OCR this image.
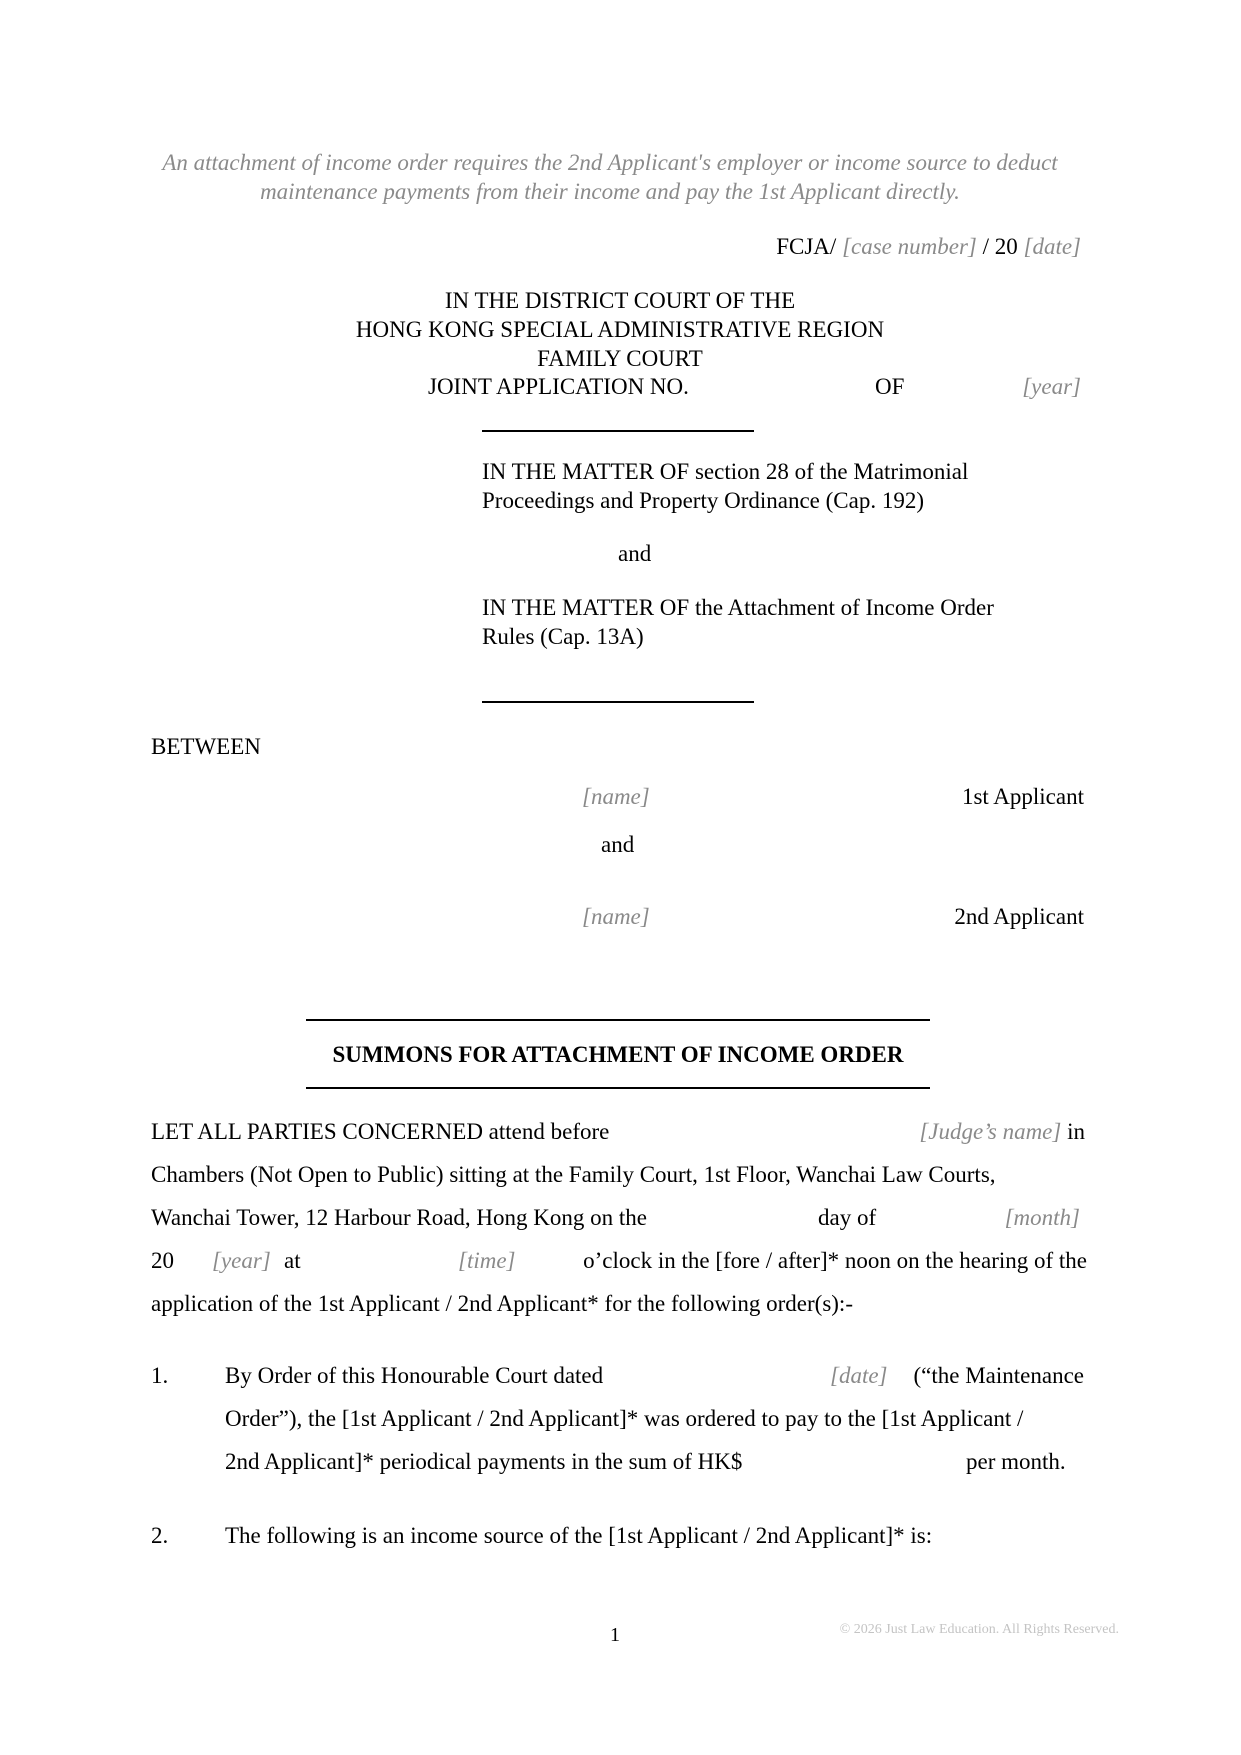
An attachment of income order requires the 2nd Applicant's employer or income source to deduct maintenance payments from their income and pay the 1st Applicant directly.
FCJA/ [case number] / 20 [date]
IN THE DISTRICT COURT OF THE
HONG KONG SPECIAL ADMINISTRATIVE REGION
FAMILY COURT
JOINT APPLICATION NO.	OF	[year]
IN THE MATTER OF section 28 of the Matrimonial
Proceedings and Property Ordinance (Cap. 192)
and
IN THE MATTER OF the Attachment of Income Order
Rules (Cap. 13A)
BETWEEN
[name]	1st Applicant
and
[name]	2nd Applicant
SUMMONS FOR ATTACHMENT OF INCOME ORDER
LET ALL PARTIES CONCERNED attend before	[Judge’s name] in
Chambers (Not Open to Public) sitting at the Family Court, 1st Floor, Wanchai Law Courts,
Wanchai Tower, 12 Harbour Road, Hong Kong on the	day of	[month]
20 [year] at	[time]	o’clock in the [fore / after]* noon on the hearing of the
application of the 1st Applicant / 2nd Applicant* for the following order(s):-
1. By Order of this Honourable Court dated	[date] (“the Maintenance
Order”), the [1st Applicant / 2nd Applicant]* was ordered to pay to the [1st Applicant /
2nd Applicant]* periodical payments in the sum of HK$	per month.
2. The following is an income source of the [1st Applicant / 2nd Applicant]* is:
1	© 2026 Just Law Education. All Rights Reserved.
